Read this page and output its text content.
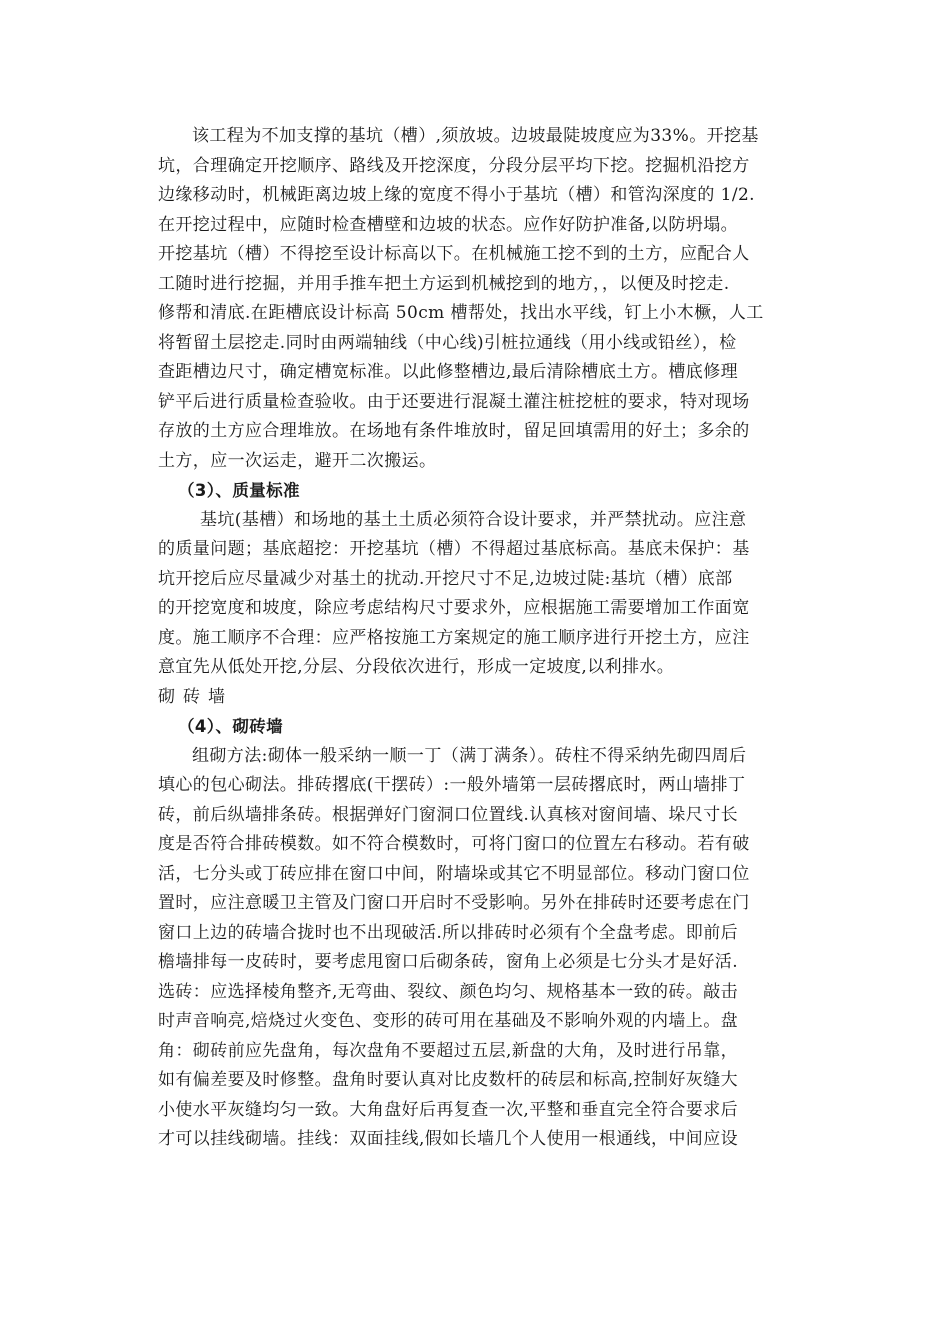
该工程为不加支撑的基坑（槽）,须放坡。边坡最陡坡度应为33%。开挖基
坑，合理确定开挖顺序、路线及开挖深度，分段分层平均下挖。挖掘机沿挖方
边缘移动时，机械距离边坡上缘的宽度不得小于基坑（槽）和管沟深度的 1/2.
在开挖过程中，应随时检查槽壁和边坡的状态。应作好防护准备,以防坍塌。
开挖基坑（槽）不得挖至设计标高以下。在机械施工挖不到的土方，应配合人
工随时进行挖掘，并用手推车把土方运到机械挖到的地方，，以便及时挖走.
修帮和清底.在距槽底设计标高 50cm 槽帮处，找出水平线，钉上小木橛，人工
将暂留土层挖走.同时由两端轴线（中心线)引桩拉通线（用小线或铅丝），检
查距槽边尺寸，确定槽宽标准。以此修整槽边,最后清除槽底土方。槽底修理
铲平后进行质量检查验收。由于还要进行混凝土灌注桩挖桩的要求，特对现场
存放的土方应合理堆放。在场地有条件堆放时，留足回填需用的好土；多余的
土方，应一次运走，避开二次搬运。
（3）、质量标准
基坑(基槽）和场地的基土土质必须符合设计要求，并严禁扰动。应注意
的质量问题；基底超挖：开挖基坑（槽）不得超过基底标高。基底未保护：基
坑开挖后应尽量减少对基土的扰动.开挖尺寸不足,边坡过陡:基坑（槽）底部
的开挖宽度和坡度，除应考虑结构尺寸要求外，应根据施工需要增加工作面宽
度。施工顺序不合理：应严格按施工方案规定的施工顺序进行开挖土方，应注
意宜先从低处开挖,分层、分段依次进行，形成一定坡度,以利排水。
砌砖墙
（4）、砌砖墙
组砌方法:砌体一般采纳一顺一丁（满丁满条）。砖柱不得采纳先砌四周后
填心的包心砌法。排砖撂底(干摆砖）:一般外墙第一层砖撂底时，两山墙排丁
砖，前后纵墙排条砖。根据弹好门窗洞口位置线.认真核对窗间墙、垛尺寸长
度是否符合排砖模数。如不符合模数时，可将门窗口的位置左右移动。若有破
活，七分头或丁砖应排在窗口中间，附墙垛或其它不明显部位。移动门窗口位
置时，应注意暖卫主管及门窗口开启时不受影响。另外在排砖时还要考虑在门
窗口上边的砖墙合拢时也不出现破活.所以排砖时必须有个全盘考虑。即前后
檐墙排每一皮砖时，要考虑甩窗口后砌条砖，窗角上必须是七分头才是好活.
选砖：应选择棱角整齐,无弯曲、裂纹、颜色均匀、规格基本一致的砖。敲击
时声音响亮,焙烧过火变色、变形的砖可用在基础及不影响外观的内墙上。盘
角：砌砖前应先盘角，每次盘角不要超过五层,新盘的大角，及时进行吊靠，
如有偏差要及时修整。盘角时要认真对比皮数杆的砖层和标高,控制好灰缝大
小使水平灰缝均匀一致。大角盘好后再复查一次,平整和垂直完全符合要求后
才可以挂线砌墙。挂线：双面挂线,假如长墙几个人使用一根通线，中间应设
